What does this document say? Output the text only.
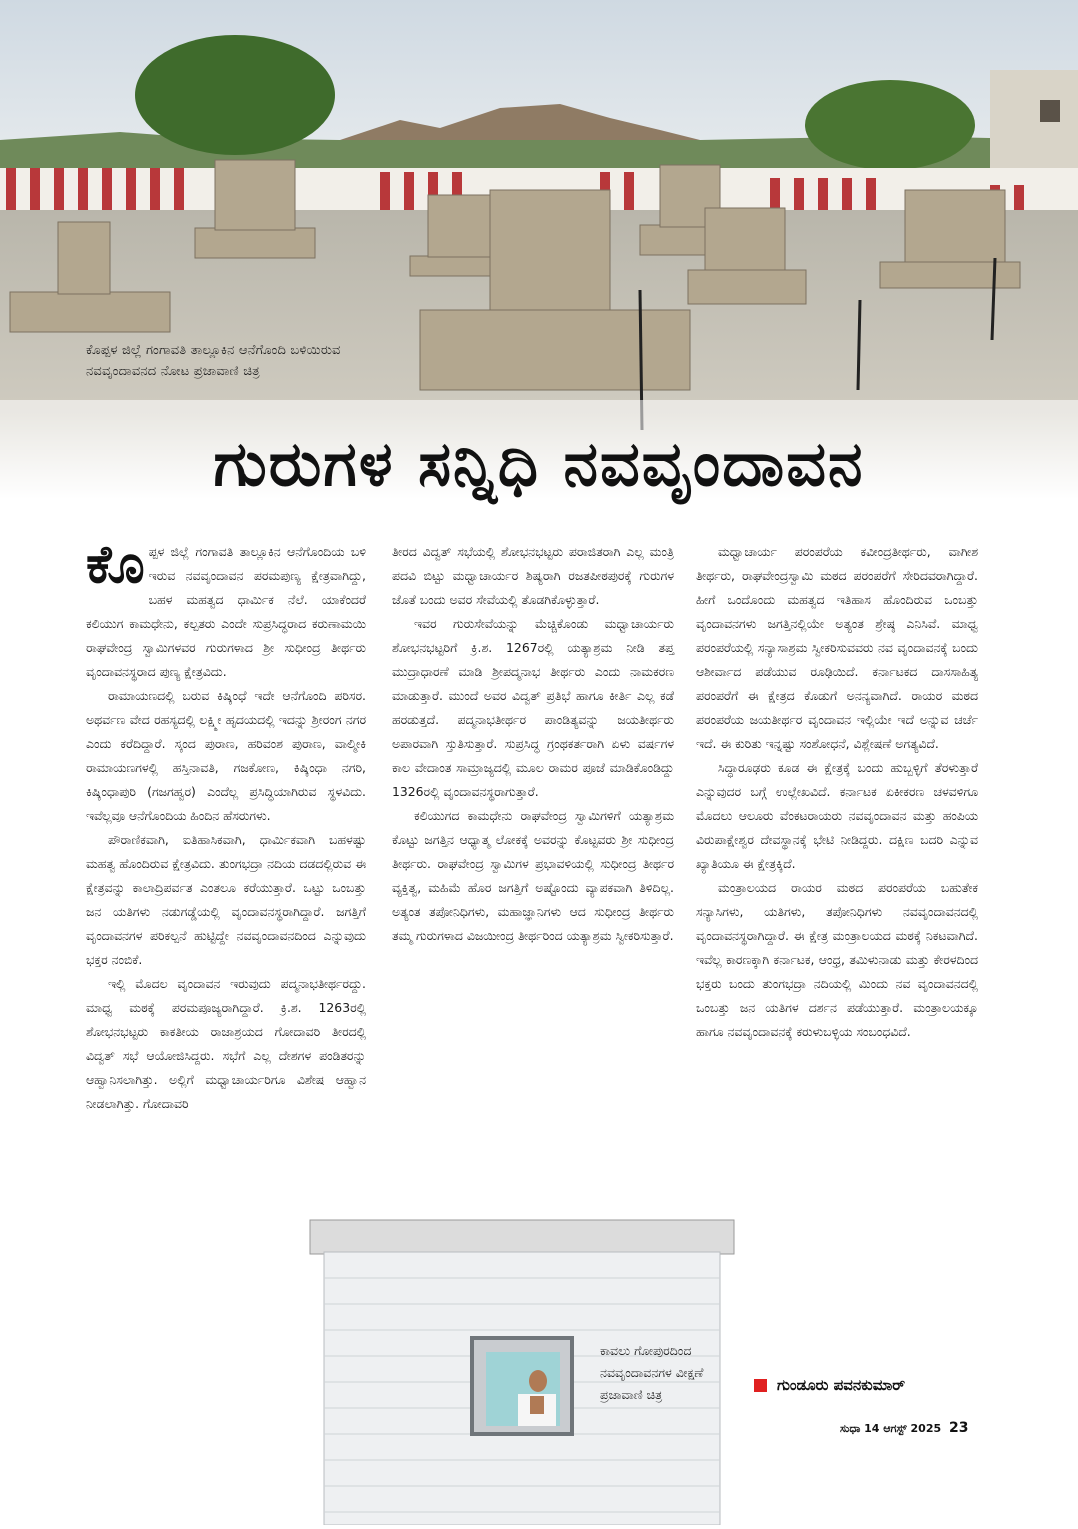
ಕೊಪ್ಪಳ ಜಿಲ್ಲೆ ಗಂಗಾವತಿ ತಾಲ್ಲೂಕಿನ ಆನೆಗೊಂದಿ ಬಳಿಯಿರುವ ನವವೃಂದಾವನದ ನೋಟ ಪ್ರಜಾವಾಣಿ ಚಿತ್ರ
ಗುರುಗಳ ಸನ್ನಿಧಿ ನವವೃಂದಾವನ

ಕೊಪ್ಪಳ ಜಿಲ್ಲೆ ಗಂಗಾವತಿ ತಾಲ್ಲೂಕಿನ ಆನೆಗೊಂದಿಯ ಬಳಿ ಇರುವ ನವವೃಂದಾವನ ಪರಮಪುಣ್ಯ ಕ್ಷೇತ್ರವಾಗಿದ್ದು, ಬಹಳ ಮಹತ್ವದ ಧಾರ್ಮಿಕ ನೆಲೆ. ಯಾಕೆಂದರೆ ಕಲಿಯುಗ ಕಾಮಧೇನು, ಕಲ್ಪತರು ಎಂದೇ ಸುಪ್ರಸಿದ್ಧರಾದ ಕರುಣಾಮಯಿ ರಾಘವೇಂದ್ರ ಸ್ವಾಮಿಗಳವರ ಗುರುಗಳಾದ ಶ್ರೀ ಸುಧೀಂದ್ರ ತೀರ್ಥರು ವೃಂದಾವನಸ್ಥರಾದ ಪುಣ್ಯ ಕ್ಷೇತ್ರವಿದು.

ರಾಮಾಯಣದಲ್ಲಿ ಬರುವ ಕಿಷ್ಕಿಂಧೆ ಇದೇ ಆನೆಗೊಂದಿ ಪರಿಸರ. ಅಥರ್ವಣ ವೇದ ರಹಸ್ಯದಲ್ಲಿ ಲಕ್ಷ್ಮೀ ಹೃದಯದಲ್ಲಿ ಇದನ್ನು ಶ್ರೀರಂಗ ನಗರ ಎಂದು ಕರೆದಿದ್ದಾರೆ. ಸ್ಕಂದ ಪುರಾಣ, ಹರಿವಂಶ ಪುರಾಣ, ವಾಲ್ಮೀಕಿ ರಾಮಾಯಣಗಳಲ್ಲಿ ಹಸ್ತಿನಾವತಿ, ಗಜಕೋಣ, ಕಿಷ್ಕಿಂಧಾ ನಗರಿ, ಕಿಷ್ಕಿಂಧಾಪುರಿ (ಗಜಗಹ್ವರ) ಎಂದೆಲ್ಲ ಪ್ರಸಿದ್ಧಿಯಾಗಿರುವ ಸ್ಥಳವಿದು. ಇವೆಲ್ಲವೂ ಆನೆಗೊಂದಿಯ ಹಿಂದಿನ ಹೆಸರುಗಳು.

ಪೌರಾಣಿಕವಾಗಿ, ಐತಿಹಾಸಿಕವಾಗಿ, ಧಾರ್ಮಿಕವಾಗಿ ಬಹಳಷ್ಟು ಮಹತ್ವ ಹೊಂದಿರುವ ಕ್ಷೇತ್ರವಿದು. ತುಂಗಭದ್ರಾ ನದಿಯ ದಡದಲ್ಲಿರುವ ಈ ಕ್ಷೇತ್ರವನ್ನು ಕಾಲಾದ್ರಿಪರ್ವತ ಎಂತಲೂ ಕರೆಯುತ್ತಾರೆ. ಒಟ್ಟು ಒಂಬತ್ತು ಜನ ಯತಿಗಳು ನಡುಗಡ್ಡೆಯಲ್ಲಿ ವೃಂದಾವನಸ್ಥರಾಗಿದ್ದಾರೆ. ಜಗತ್ತಿಗೆ ವೃಂದಾವನಗಳ ಪರಿಕಲ್ಪನೆ ಹುಟ್ಟಿದ್ದೇ ನವವೃಂದಾವನದಿಂದ ಎನ್ನುವುದು ಭಕ್ತರ ನಂಬಿಕೆ.

ಇಲ್ಲಿ ಮೊದಲ ವೃಂದಾವನ ಇರುವುದು ಪದ್ಮನಾಭತೀರ್ಥರದ್ದು. ಮಾಧ್ವ ಮಠಕ್ಕೆ ಪರಮಪೂಜ್ಯರಾಗಿದ್ದಾರೆ. ಕ್ರಿ.ಶ. 1263ರಲ್ಲಿ ಶೋಭನಭಟ್ಟರು ಕಾಕತೀಯ ರಾಜಾಶ್ರಯದ ಗೋದಾವರಿ ತೀರದಲ್ಲಿ ವಿದ್ವತ್ ಸಭೆ ಆಯೋಜಿಸಿದ್ದರು. ಸಭೆಗೆ ಎಲ್ಲ ದೇಶಗಳ ಪಂಡಿತರನ್ನು ಆಹ್ವಾನಿಸಲಾಗಿತ್ತು. ಅಲ್ಲಿಗೆ ಮಧ್ವಾಚಾರ್ಯರಿಗೂ ವಿಶೇಷ ಆಹ್ವಾನ ನೀಡಲಾಗಿತ್ತು. ಗೋದಾವರಿ

ತೀರದ ವಿದ್ವತ್ ಸಭೆಯಲ್ಲಿ ಶೋಭನಭಟ್ಟರು ಪರಾಜಿತರಾಗಿ ಎಲ್ಲ ಮಂತ್ರಿ ಪದವಿ ಬಿಟ್ಟು ಮಧ್ವಾಚಾರ್ಯರ ಶಿಷ್ಯರಾಗಿ ರಜತಪೀಠಪುರಕ್ಕೆ ಗುರುಗಳ ಜೊತೆ ಬಂದು ಅವರ ಸೇವೆಯಲ್ಲಿ ತೊಡಗಿಕೊಳ್ಳುತ್ತಾರೆ.

ಇವರ ಗುರುಸೇವೆಯನ್ನು ಮೆಚ್ಚಿಕೊಂಡು ಮಧ್ವಾಚಾರ್ಯರು ಶೋಭನಭಟ್ಟರಿಗೆ ಕ್ರಿ.ಶ. 1267ರಲ್ಲಿ ಯತ್ಯಾಶ್ರಮ ನೀಡಿ ತಪ್ತ ಮುದ್ರಾಧಾರಣೆ ಮಾಡಿ ಶ್ರೀಪದ್ಮನಾಭ ತೀರ್ಥರು ಎಂದು ನಾಮಕರಣ ಮಾಡುತ್ತಾರೆ. ಮುಂದೆ ಅವರ ವಿದ್ವತ್ ಪ್ರತಿಭೆ ಹಾಗೂ ಕೀರ್ತಿ ಎಲ್ಲ ಕಡೆ ಹರಡುತ್ತದೆ. ಪದ್ಮನಾಭತೀರ್ಥರ ಪಾಂಡಿತ್ಯವನ್ನು ಜಯತೀರ್ಥರು ಅಪಾರವಾಗಿ ಸ್ತುತಿಸುತ್ತಾರೆ. ಸುಪ್ರಸಿದ್ಧ ಗ್ರಂಥಕರ್ತರಾಗಿ ಏಳು ವರ್ಷಗಳ ಕಾಲ ವೇದಾಂತ ಸಾಮ್ರಾಜ್ಯದಲ್ಲಿ ಮೂಲ ರಾಮರ ಪೂಜೆ ಮಾಡಿಕೊಂಡಿದ್ದು 1326ರಲ್ಲಿ ವೃಂದಾವನಸ್ಥರಾಗುತ್ತಾರೆ.

ಕಲಿಯುಗದ ಕಾಮಧೇನು ರಾಘವೇಂದ್ರ ಸ್ವಾಮಿಗಳಿಗೆ ಯತ್ಯಾಶ್ರಮ ಕೊಟ್ಟು ಜಗತ್ತಿನ ಆಧ್ಯಾತ್ಮ ಲೋಕಕ್ಕೆ ಅವರನ್ನು ಕೊಟ್ಟವರು ಶ್ರೀ ಸುಧೀಂದ್ರ ತೀರ್ಥರು. ರಾಘವೇಂದ್ರ ಸ್ವಾಮಿಗಳ ಪ್ರಭಾವಳಿಯಲ್ಲಿ ಸುಧೀಂದ್ರ ತೀರ್ಥರ ವ್ಯಕ್ತಿತ್ವ, ಮಹಿಮೆ ಹೊರ ಜಗತ್ತಿಗೆ ಅಷ್ಟೊಂದು ವ್ಯಾಪಕವಾಗಿ ತಿಳಿದಿಲ್ಲ. ಅತ್ಯಂತ ತಪೋನಿಧಿಗಳು, ಮಹಾಜ್ಞಾನಿಗಳು ಆದ ಸುಧೀಂದ್ರ ತೀರ್ಥರು ತಮ್ಮ ಗುರುಗಳಾದ ವಿಜಯೀಂದ್ರ ತೀರ್ಥರಿಂದ ಯತ್ಯಾಶ್ರಮ ಸ್ವೀಕರಿಸುತ್ತಾರೆ.

ಮಧ್ವಾಚಾರ್ಯ ಪರಂಪರೆಯ ಕವೀಂದ್ರತೀರ್ಥರು, ವಾಗೀಶ ತೀರ್ಥರು, ರಾಘವೇಂದ್ರಸ್ವಾಮಿ ಮಠದ ಪರಂಪರೆಗೆ ಸೇರಿದವರಾಗಿದ್ದಾರೆ. ಹೀಗೆ ಒಂದೊಂದು ಮಹತ್ವದ ಇತಿಹಾಸ ಹೊಂದಿರುವ ಒಂಬತ್ತು ವೃಂದಾವನಗಳು ಜಗತ್ತಿನಲ್ಲಿಯೇ ಅತ್ಯಂತ ಶ್ರೇಷ್ಠ ಎನಿಸಿವೆ. ಮಾಧ್ವ ಪರಂಪರೆಯಲ್ಲಿ ಸನ್ಯಾಸಾಶ್ರಮ ಸ್ವೀಕರಿಸುವವರು ನವ ವೃಂದಾವನಕ್ಕೆ ಬಂದು ಆಶೀರ್ವಾದ ಪಡೆಯುವ ರೂಢಿಯಿದೆ. ಕರ್ನಾಟಕದ ದಾಸಸಾಹಿತ್ಯ ಪರಂಪರೆಗೆ ಈ ಕ್ಷೇತ್ರದ ಕೊಡುಗೆ ಅನನ್ಯವಾಗಿದೆ. ರಾಯರ ಮಠದ ಪರಂಪರೆಯ ಜಯತೀರ್ಥರ ವೃಂದಾವನ ಇಲ್ಲಿಯೇ ಇದೆ ಅನ್ನುವ ಚರ್ಚೆ ಇದೆ. ಈ ಕುರಿತು ಇನ್ನಷ್ಟು ಸಂಶೋಧನೆ, ವಿಶ್ಲೇಷಣೆ ಅಗತ್ಯವಿದೆ.

ಸಿದ್ಧಾರೂಢರು ಕೂಡ ಈ ಕ್ಷೇತ್ರಕ್ಕೆ ಬಂದು ಹುಬ್ಬಳ್ಳಿಗೆ ತೆರಳುತ್ತಾರೆ ಎನ್ನುವುದರ ಬಗ್ಗೆ ಉಲ್ಲೇಖವಿದೆ. ಕರ್ನಾಟಕ ಏಕೀಕರಣ ಚಳವಳಿಗೂ ಮೊದಲು ಆಲೂರು ವೆಂಕಟರಾಯರು ನವವೃಂದಾವನ ಮತ್ತು ಹಂಪಿಯ ವಿರುಪಾಕ್ಷೇಶ್ವರ ದೇವಸ್ಥಾನಕ್ಕೆ ಭೇಟಿ ನೀಡಿದ್ದರು. ದಕ್ಷಿಣ ಬದರಿ ಎನ್ನುವ ಖ್ಯಾತಿಯೂ ಈ ಕ್ಷೇತ್ರಕ್ಕಿದೆ.

ಮಂತ್ರಾಲಯದ ರಾಯರ ಮಠದ ಪರಂಪರೆಯ ಬಹುತೇಕ ಸನ್ಯಾಸಿಗಳು, ಯತಿಗಳು, ತಪೋನಿಧಿಗಳು ನವವೃಂದಾವನದಲ್ಲಿ ವೃಂದಾವನಸ್ಥರಾಗಿದ್ದಾರೆ. ಈ ಕ್ಷೇತ್ರ ಮಂತ್ರಾಲಯದ ಮಠಕ್ಕೆ ನಿಕಟವಾಗಿದೆ. ಇವೆಲ್ಲ ಕಾರಣಕ್ಕಾಗಿ ಕರ್ನಾಟಕ, ಆಂಧ್ರ, ತಮಿಳುನಾಡು ಮತ್ತು ಕೇರಳದಿಂದ ಭಕ್ತರು ಬಂದು ತುಂಗಭದ್ರಾ ನದಿಯಲ್ಲಿ ಮಿಂದು ನವ ವೃಂದಾವನದಲ್ಲಿ ಒಂಬತ್ತು ಜನ ಯತಿಗಳ ದರ್ಶನ ಪಡೆಯುತ್ತಾರೆ. ಮಂತ್ರಾಲಯಕ್ಕೂ ಹಾಗೂ ನವವೃಂದಾವನಕ್ಕೆ ಕರುಳುಬಳ್ಳಿಯ ಸಂಬಂಧವಿದೆ.

ಕಾವಲು ಗೋಪುರದಿಂದ ನವವೃಂದಾವನಗಳ ವೀಕ್ಷಣೆ ಪ್ರಜಾವಾಣಿ ಚಿತ್ರ
ಗುಂಡೂರು ಪವನಕುಮಾರ್
ಸುಧಾ 14 ಆಗಸ್ಟ್ 2025 23
